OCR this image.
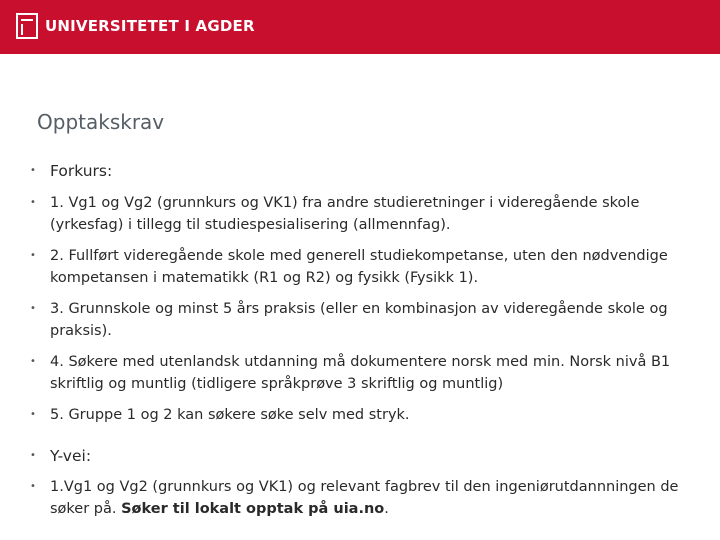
UNIVERSITETET I AGDER
Opptakskrav
• Forkurs:
• 1. Vg1 og Vg2 (grunnkurs og VK1) fra andre studieretninger i videregående skole (yrkesfag) i tillegg til studiespesialisering (allmennfag).
• 2. Fullført videregående skole med generell studiekompetanse, uten den nødvendige kompetansen i matematikk (R1 og R2) og fysikk (Fysikk 1).
• 3. Grunnskole og minst 5 års praksis (eller en kombinasjon av videregående skole og praksis).
• 4. Søkere med utenlandsk utdanning må dokumentere norsk med min. Norsk nivå B1 skriftlig og muntlig (tidligere språkprøve 3 skriftlig og muntlig)
• 5. Gruppe 1 og 2 kan søkere søke selv med stryk.
• Y-vei:
• 1.Vg1 og Vg2 (grunnkurs og VK1) og relevant fagbrev til den ingeniørutdannningen de søker på. Søker til lokalt opptak på uia.no.
